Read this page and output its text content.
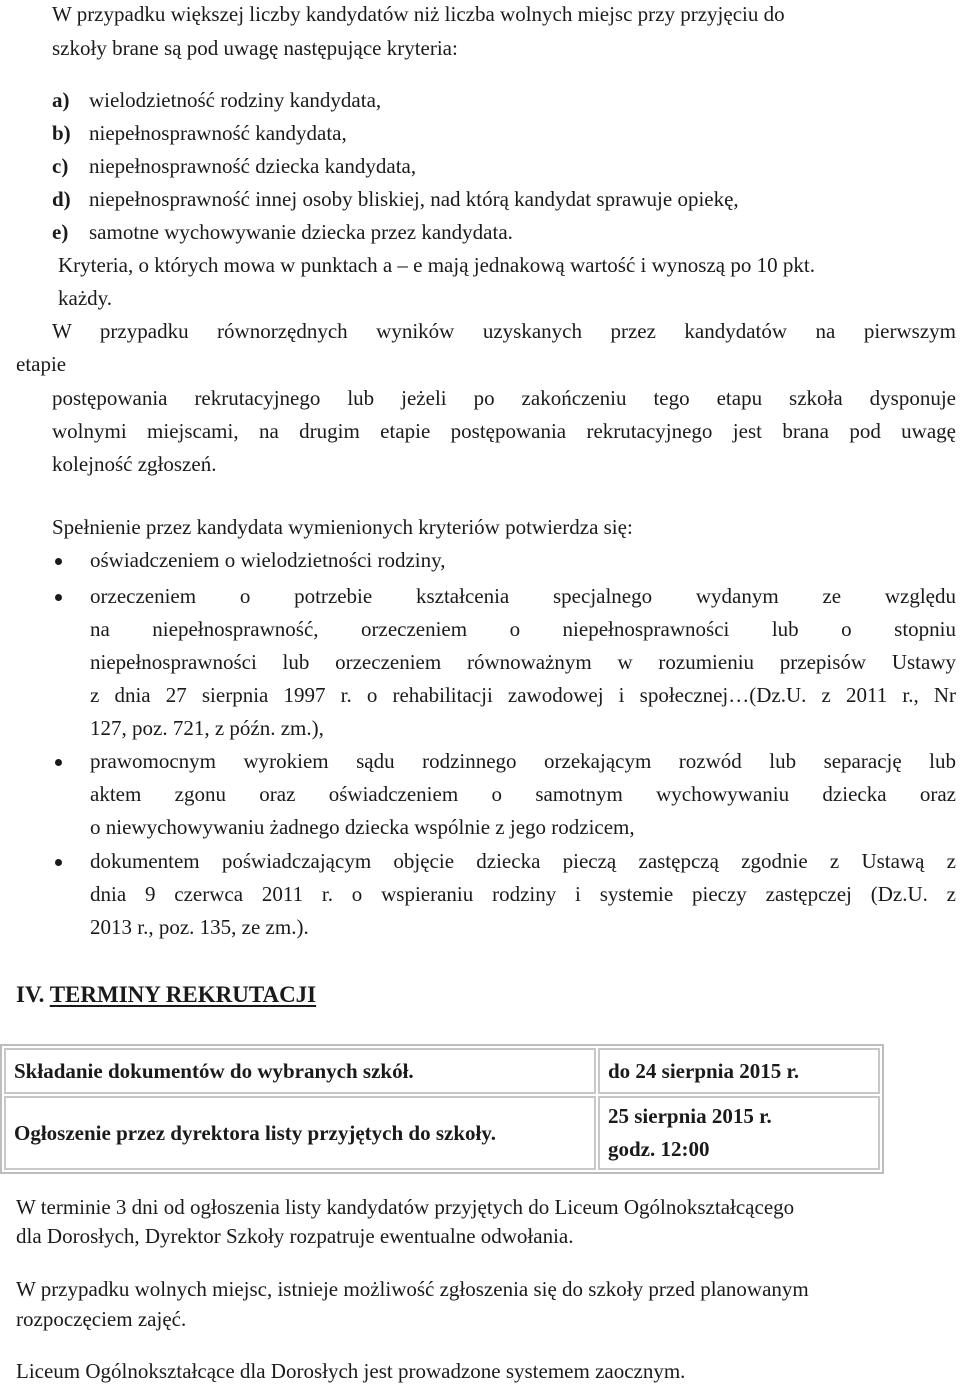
W przypadku większej liczby kandydatów niż liczba wolnych miejsc przy przyjęciu do
szkoły brane są pod uwagę następujące kryteria:
a) wielodzietność rodziny kandydata,
b) niepełnosprawność kandydata,
c) niepełnosprawność dziecka kandydata,
d) niepełnosprawność innej osoby bliskiej, nad którą kandydat sprawuje opiekę,
e) samotne wychowywanie dziecka przez kandydata.
Kryteria, o których mowa w punktach a – e mają jednakową wartość i wynoszą po 10 pkt.
każdy.
W przypadku równorzędnych wyników uzyskanych przez kandydatów na pierwszym
etapie
postępowania rekrutacyjnego lub jeżeli po zakończeniu tego etapu szkoła dysponuje
wolnymi miejscami, na drugim etapie postępowania rekrutacyjnego jest brana pod uwagę
kolejność zgłoszeń.
Spełnienie przez kandydata wymienionych kryteriów potwierdza się:
oświadczeniem o wielodzietności rodziny,
orzeczeniem o potrzebie kształcenia specjalnego wydanym ze względu
na niepełnosprawność, orzeczeniem o niepełnosprawności lub o stopniu
niepełnosprawności lub orzeczeniem równoważnym w rozumieniu przepisów Ustawy
z dnia 27 sierpnia 1997 r. o rehabilitacji zawodowej i społecznej…(Dz.U. z 2011 r., Nr
127, poz. 721, z późn. zm.),
prawomocnym wyrokiem sądu rodzinnego orzekającym rozwód lub separację lub
aktem zgonu oraz oświadczeniem o samotnym wychowywaniu dziecka oraz
o niewychowywaniu żadnego dziecka wspólnie z jego rodzicem,
dokumentem poświadczającym objęcie dziecka pieczą zastępczą zgodnie z Ustawą z
dnia 9 czerwca 2011 r. o wspieraniu rodziny i systemie pieczy zastępczej (Dz.U. z
2013 r., poz. 135, ze zm.).
IV. TERMINY REKRUTACJI
Składanie dokumentów do wybranych szkół.	do 24 sierpnia 2015 r.

Ogłoszenie przez dyrektora listy przyjętych do szkoły.	25 sierpnia 2015 r.
godz. 12:00
W terminie 3 dni od ogłoszenia listy kandydatów przyjętych do Liceum Ogólnokształcącego
dla Dorosłych, Dyrektor Szkoły rozpatruje ewentualne odwołania.
W przypadku wolnych miejsc, istnieje możliwość zgłoszenia się do szkoły przed planowanym
rozpoczęciem zajęć.
Liceum Ogólnokształcące dla Dorosłych jest prowadzone systemem zaocznym.
